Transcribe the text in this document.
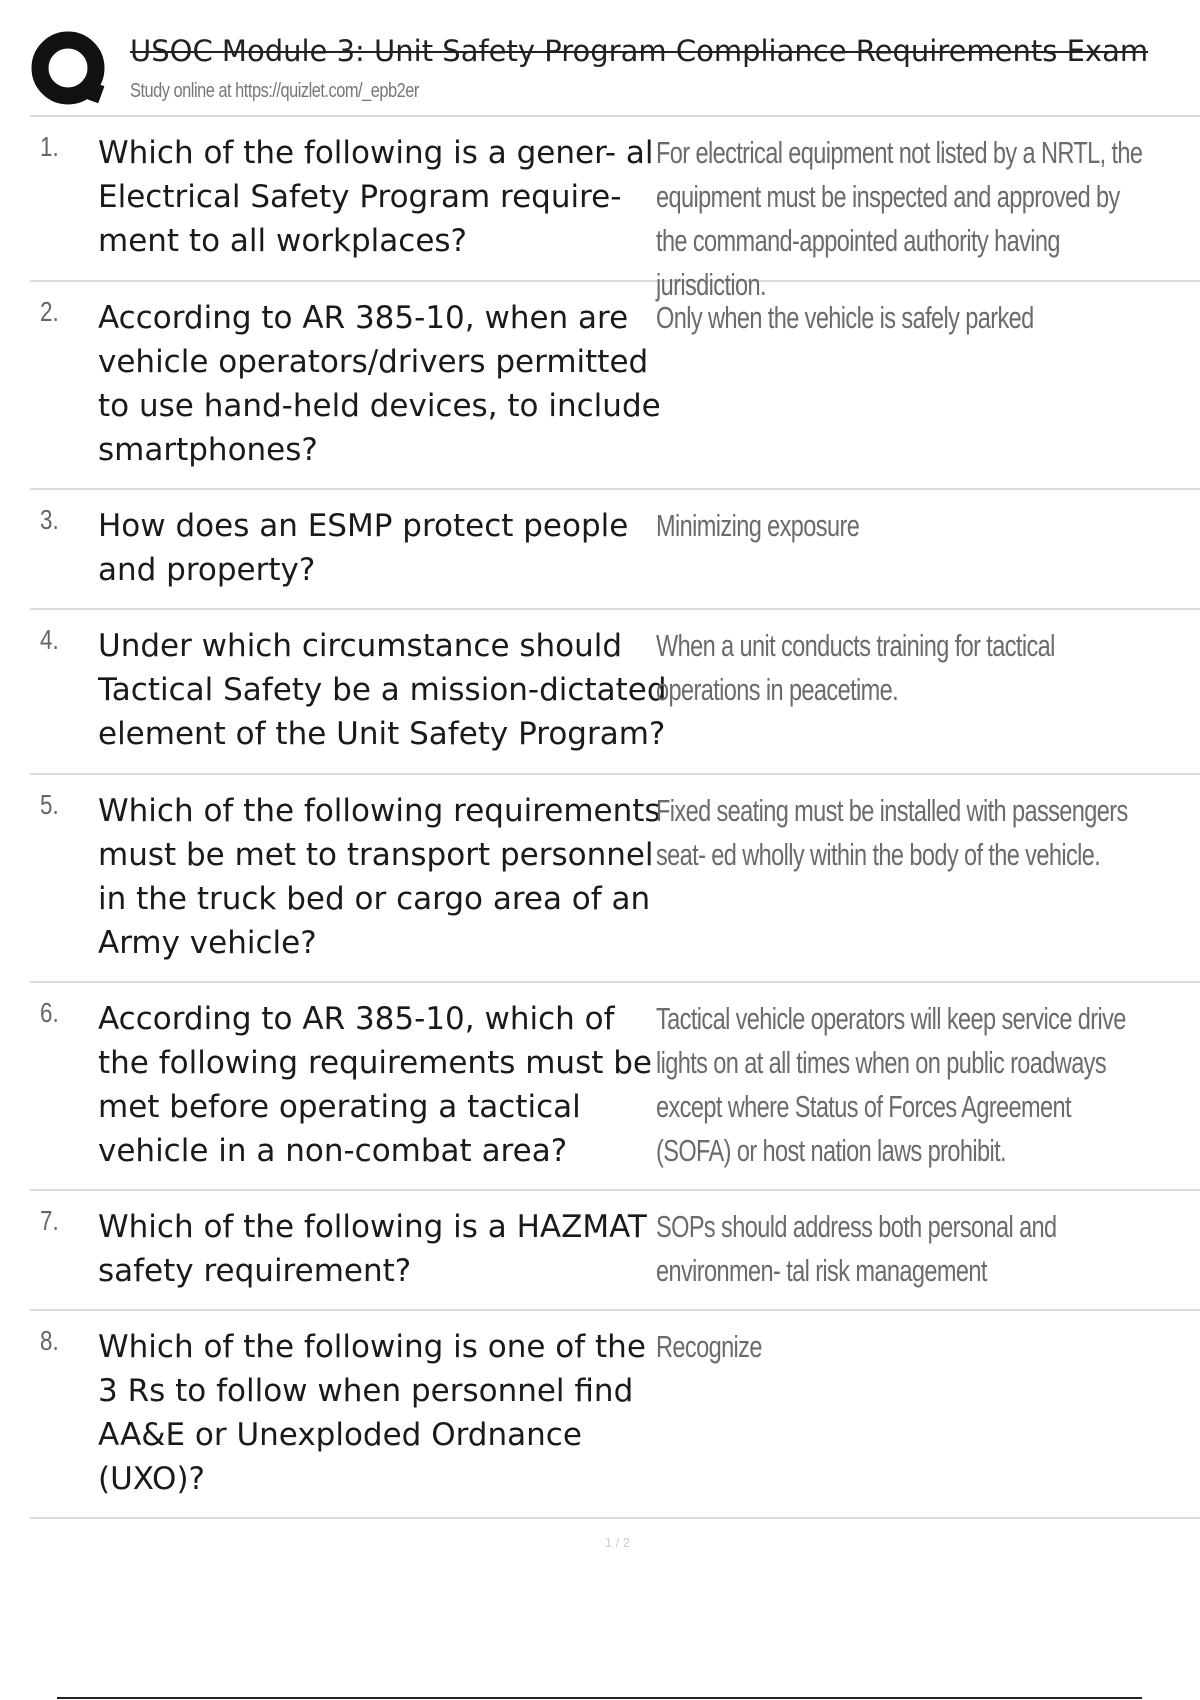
USOC Module 3: Unit Safety Program Compliance Requirements Exam
Study online at https://quizlet.com/_epb2er
1. Which of the following is a gener- al Electrical Safety Program require- ment to all workplaces?
For electrical equipment not listed by a NRTL, the equipment must be inspected and approved by the command-appointed authority having jurisdiction.
2. According to AR 385-10, when are vehicle operators/drivers permitted to use hand-held devices, to include smartphones?
Only when the vehicle is safely parked
3. How does an ESMP protect people and property?
Minimizing exposure
4. Under which circumstance should Tactical Safety be a mission-dictated element of the Unit Safety Program?
When a unit conducts training for tactical operations in peacetime.
5. Which of the following requirements must be met to transport personnel in the truck bed or cargo area of an Army vehicle?
Fixed seating must be installed with passengers seat- ed wholly within the body of the vehicle.
6. According to AR 385-10, which of the following requirements must be met before operating a tactical vehicle in a non-combat area?
Tactical vehicle operators will keep service drive lights on at all times when on public roadways except where Status of Forces Agreement (SOFA) or host nation laws prohibit.
7. Which of the following is a HAZMAT safety requirement?
SOPs should address both personal and environmen- tal risk management
8. Which of the following is one of the 3 Rs to follow when personnel find AA&E or Unexploded Ordnance (UXO)?
Recognize
1 / 2
